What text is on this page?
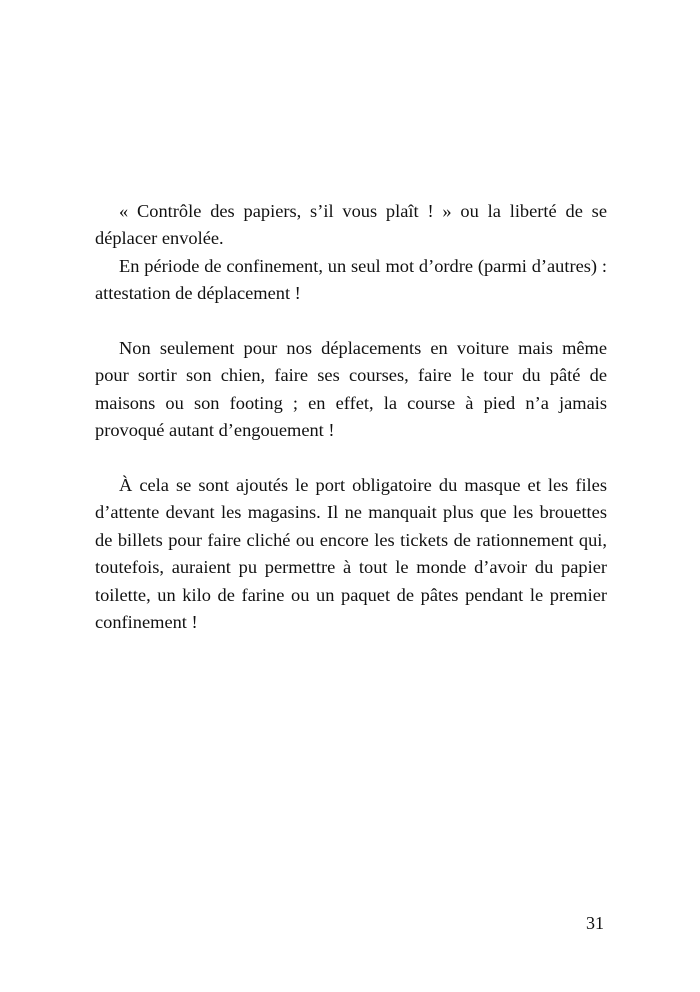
« Contrôle des papiers, s’il vous plaît ! » ou la liberté de se déplacer envolée.

En période de confinement, un seul mot d’ordre (parmi d’autres) : attestation de déplacement !

Non seulement pour nos déplacements en voiture mais même pour sortir son chien, faire ses courses, faire le tour du pâté de maisons ou son footing ; en effet, la course à pied n’a jamais provoqué autant d’engouement !

À cela se sont ajoutés le port obligatoire du masque et les files d’attente devant les magasins. Il ne manquait plus que les brouettes de billets pour faire cliché ou encore les tickets de rationnement qui, toutefois, auraient pu permettre à tout le monde d’avoir du papier toilette, un kilo de farine ou un paquet de pâtes pendant le premier confinement !

31
